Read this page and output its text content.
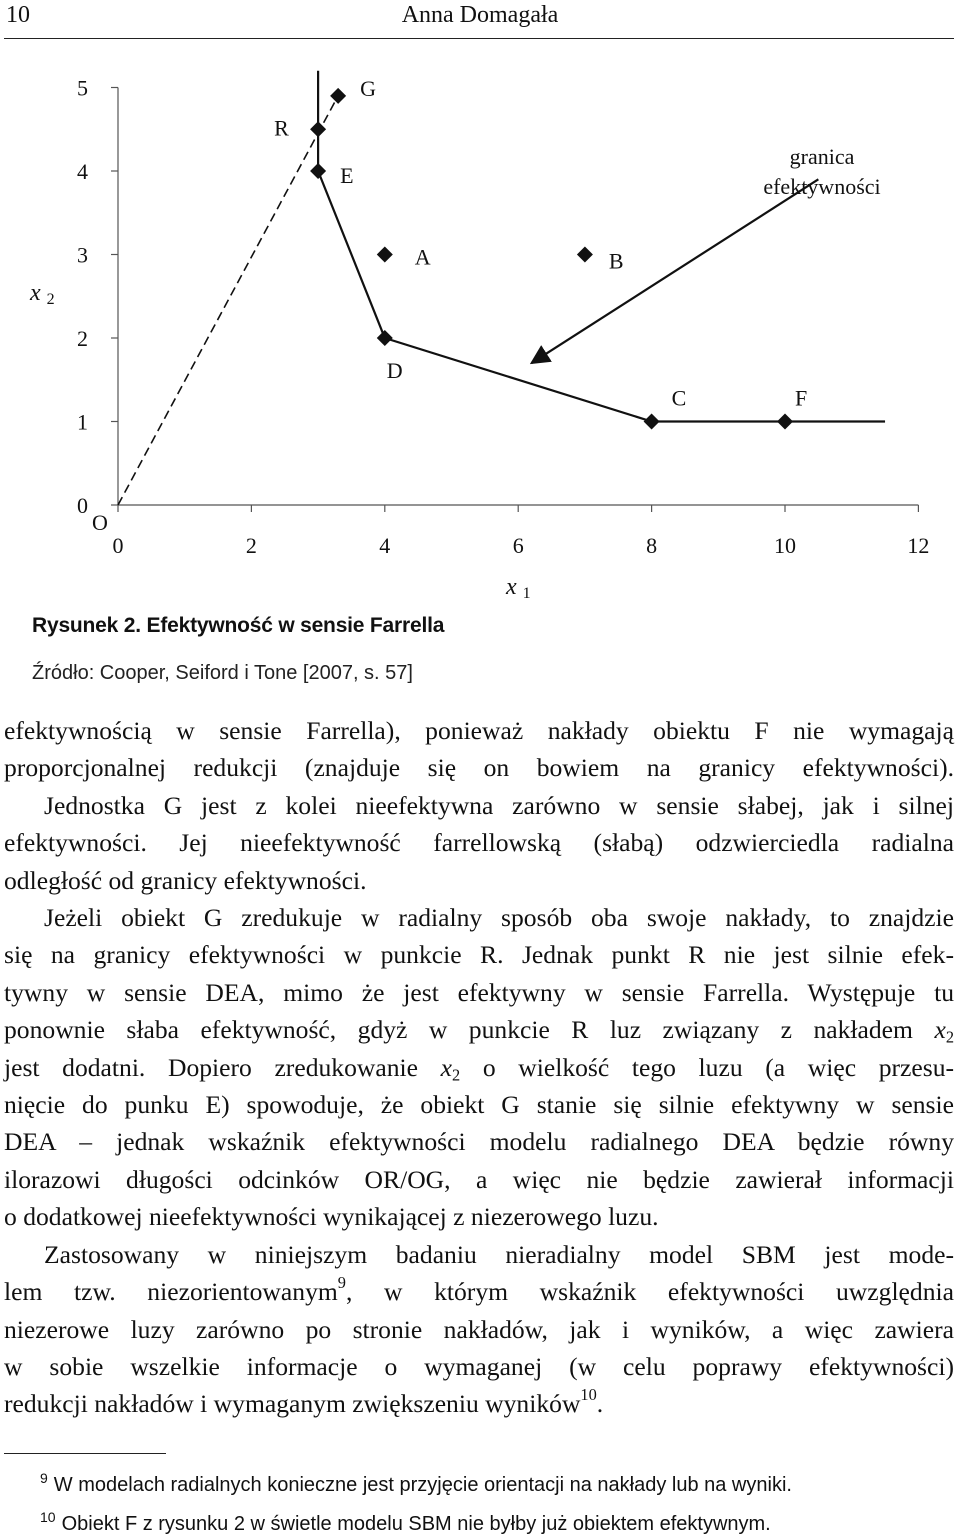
10	Anna Domagała
0	2	4	6	8	10	12
0
1
2
3
4
5
x 1
x 2
O
granica
efektywności
G
R
E
A	B
D
C	F
Rysunek 2. Efektywność w sensie Farrella
Źródło: Cooper, Seiford i Tone [2007, s. 57]
efektywnością w sensie Farrella), ponieważ nakłady obiektu F nie wymagają
proporcjonalnej redukcji (znajduje się on bowiem na granicy efektywności).
Jednostka G jest z kolei nieefektywna zarówno w sensie słabej, jak i silnej
efektywności. Jej nieefektywność farrellowską (słabą) odzwierciedla radialna
odległość od granicy efektywności.
Jeżeli obiekt G zredukuje w radialny sposób oba swoje nakłady, to znajdzie
się na granicy efektywności w punkcie R. Jednak punkt R nie jest silnie efek-
tywny w sensie DEA, mimo że jest efektywny w sensie Farrella. Występuje tu
ponownie słaba efektywność, gdyż w punkcie R luz związany z nakładem $x_2$
jest dodatni. Dopiero zredukowanie $x_2$ o wielkość tego luzu (a więc przesu-
nięcie do punku E) spowoduje, że obiekt G stanie się silnie efektywny w sensie
DEA – jednak wskaźnik efektywności modelu radialnego DEA będzie równy
ilorazowi długości odcinków OR/OG, a więc nie będzie zawierał informacji
o dodatkowej nieefektywności wynikającej z niezerowego luzu.
Zastosowany w niniejszym badaniu nieradialny model SBM jest mode-
lem tzw. niezorientowanym$^9$, w którym wskaźnik efektywności uwzględnia
niezerowe luzy zarówno po stronie nakładów, jak i wyników, a więc zawiera
w sobie wszelkie informacje o wymaganej (w celu poprawy efektywności)
redukcji nakładów i wymaganym zwiększeniu wyników$^{10}$.
$^9$ W modelach radialnych konieczne jest przyjęcie orientacji na nakłady lub na wyniki.
$^{10}$ Obiekt F z rysunku 2 w świetle modelu SBM nie byłby już obiektem efektywnym.
